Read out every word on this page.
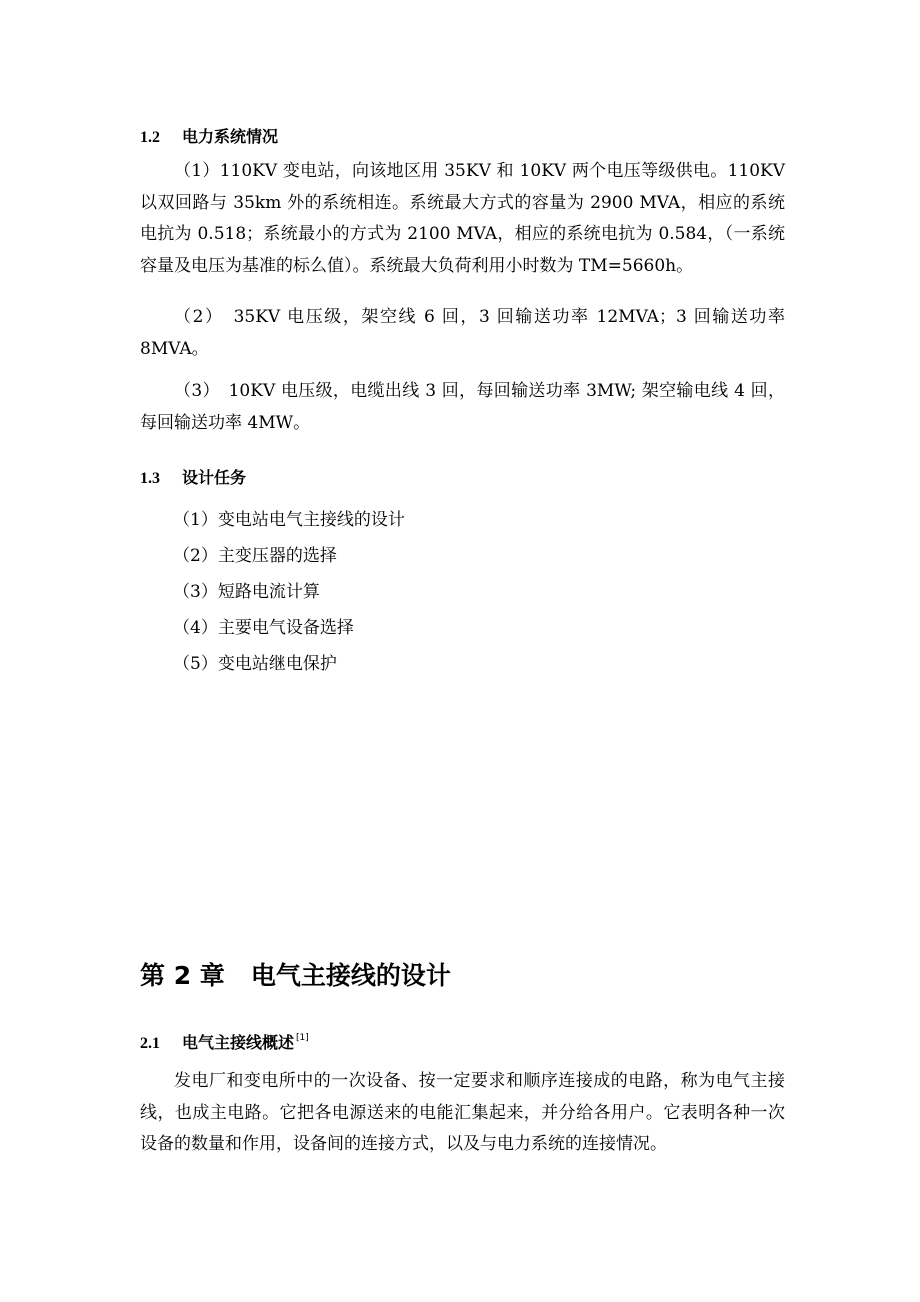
1.2 电力系统情况

（1）110KV 变电站，向该地区用 35KV 和 10KV 两个电压等级供电。110KV 以双回路与 35km 外的系统相连。系统最大方式的容量为 2900 MVA，相应的系统电抗为 0.518；系统最小的方式为 2100 MVA，相应的系统电抗为 0.584，（一系统容量及电压为基准的标么值）。系统最大负荷利用小时数为 TM=5660h。

（2）　35KV 电压级，架空线 6 回，3 回输送功率 12MVA；3 回输送功率 8MVA。

（3）　10KV 电压级，电缆出线 3 回，每回输送功率 3MW; 架空输电线 4 回，每回输送功率 4MW。

1.3 设计任务
（1）变电站电气主接线的设计
（2）主变压器的选择
（3）短路电流计算
（4）主要电气设备选择
（5）变电站继电保护
第 2 章 电气主接线的设计
2.1 电气主接线概述 [1]

发电厂和变电所中的一次设备、按一定要求和顺序连接成的电路，称为电气主接线，也成主电路。它把各电源送来的电能汇集起来，并分给各用户。它表明各种一次设备的数量和作用，设备间的连接方式，以及与电力系统的连接情况。
